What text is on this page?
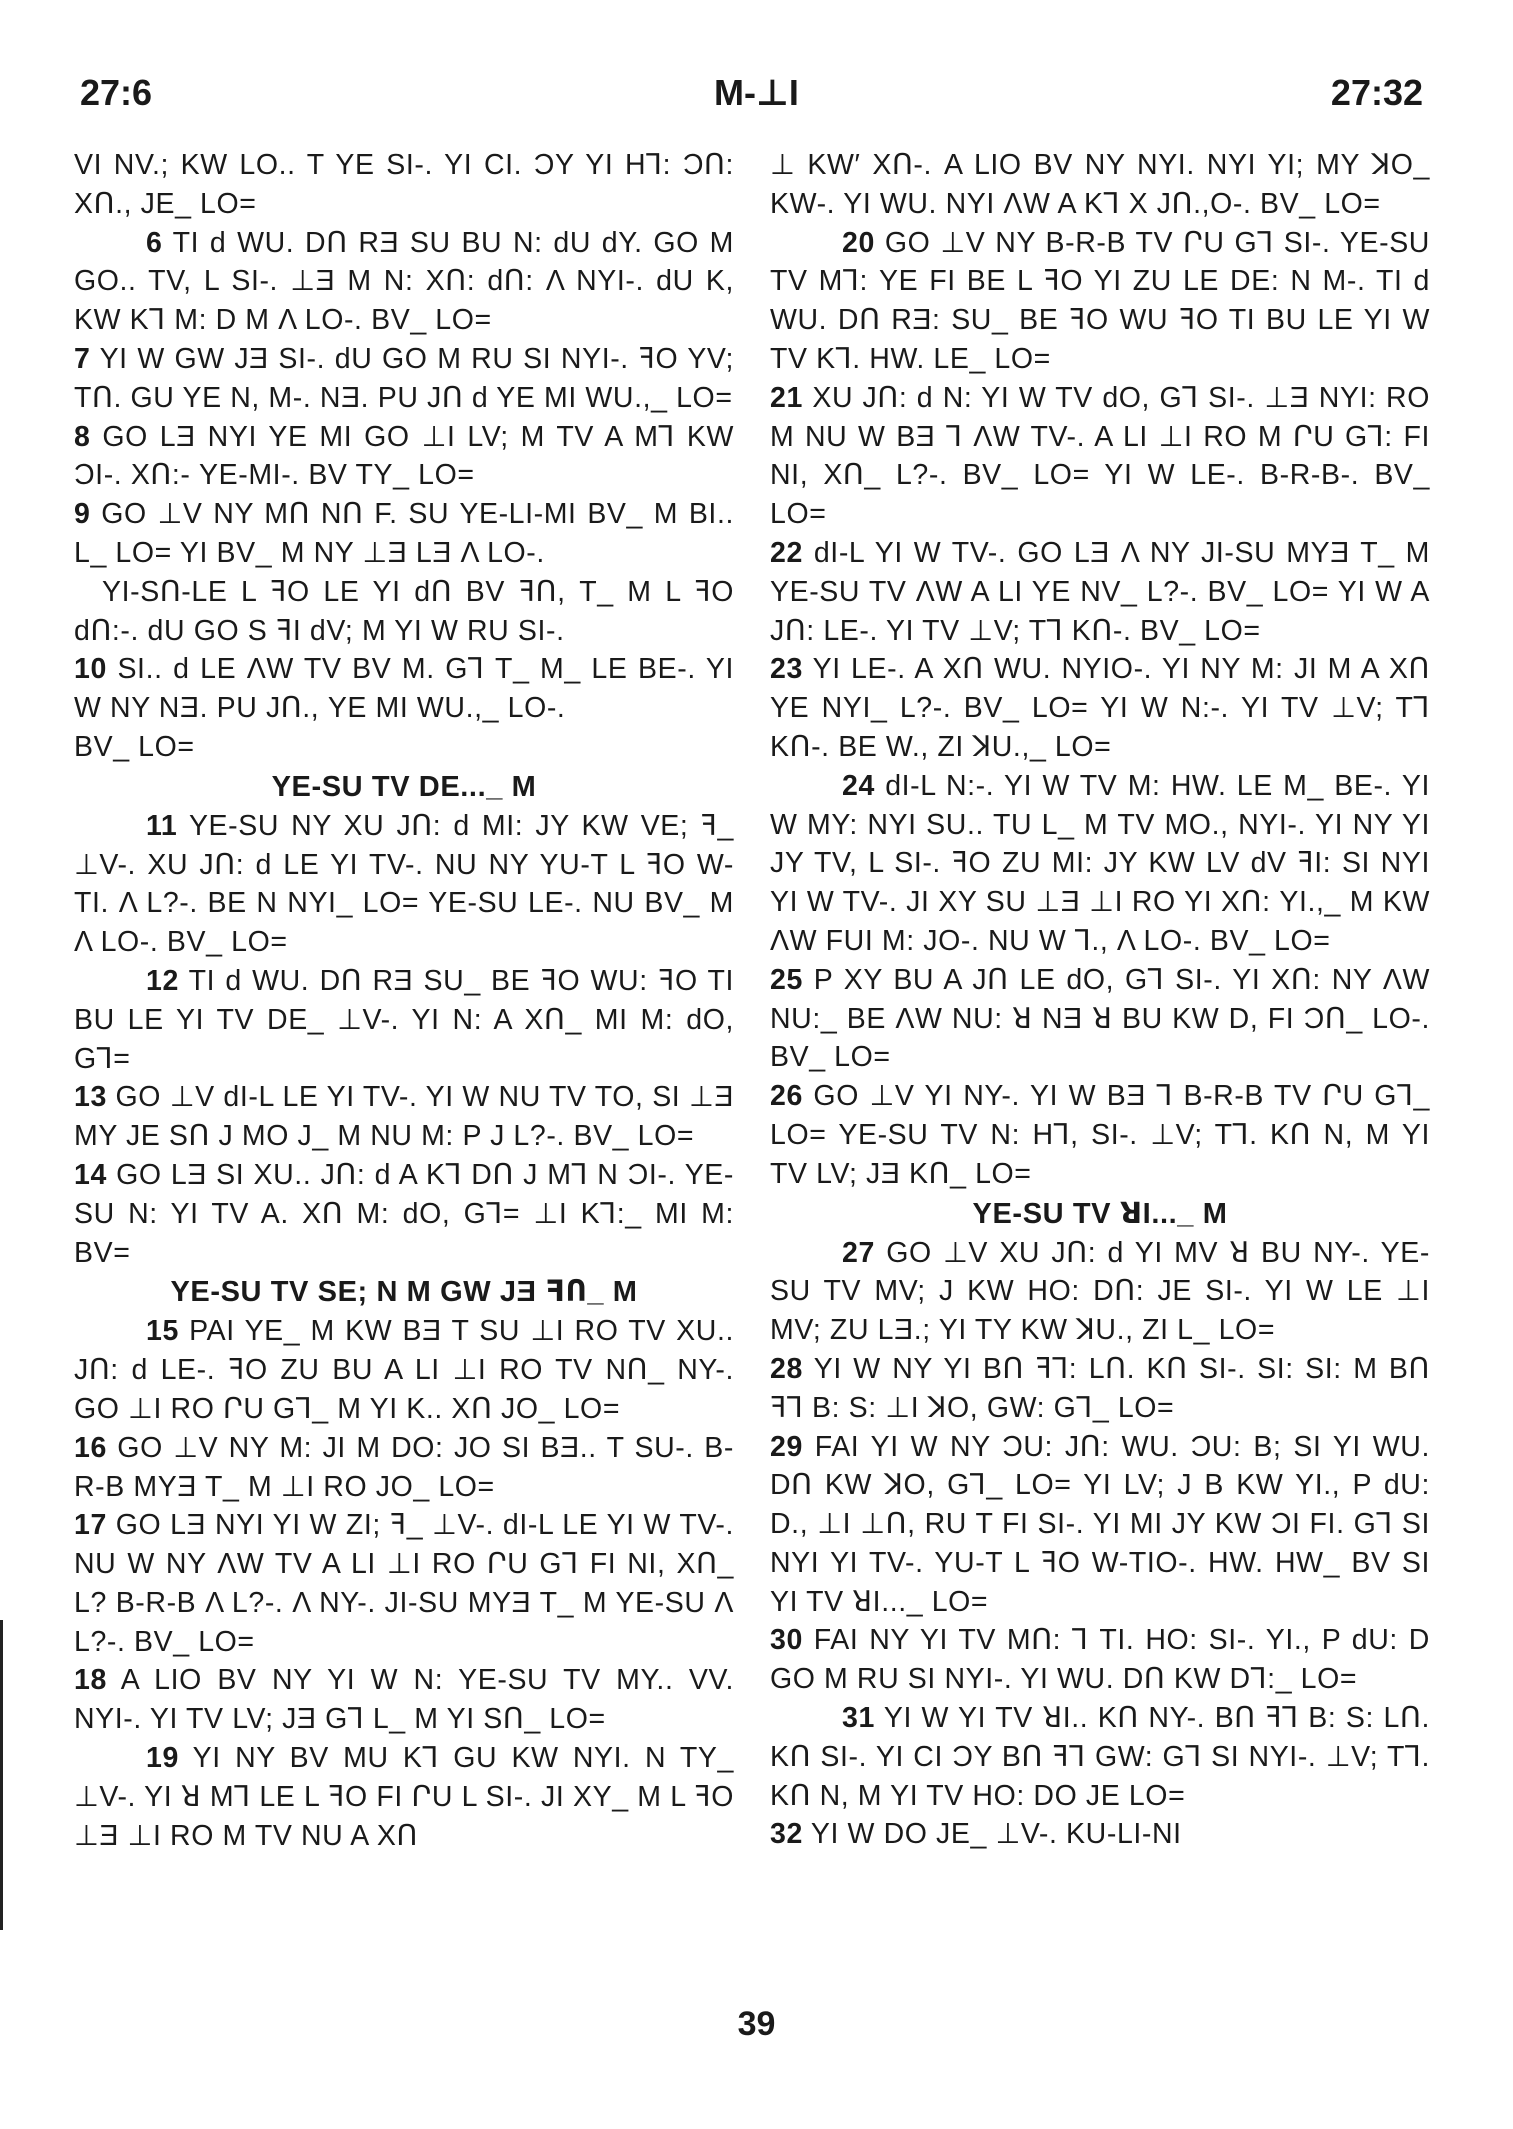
M-⊥I
27:6	27:32

VI NV.; KW LO.. T YE SI-. YI CI. ƆY YI Hꓶ: ƆՈ: XՈ., JE_ LO=

6 TI d WU. DՈ RƎ SU BU N: dU dY. GO M GO.. TV, L SI-. ⊥Ǝ M N: XՈ: dՈ: Λ NYI-. dU K, KW Kꓶ M: D M Λ LO-. BV_ LO=

7 YI W GW JƎ SI-. dU GO M RU SI NYI-. ꟻO YV; TՈ. GU YE N, M-. NƎ. PU JՈ d YE MI WU.,_ LO=

8 GO LƎ NYI YE MI GO ⊥I LV; M TV A Mꓶ KW ƆI-. XՈ:- YE-MI-. BV TY_ LO=

9 GO ⊥V NY MՈ NՈ F. SU YE-LI-MI BV_ M BI.. L_ LO= YI BV_ M NY ⊥Ǝ LƎ Λ LO-.

YI-SՈ-LE L ꟻO LE YI dՈ BV ꟻՈ, T_ M L ꟻO dՈ:-. dU GO S ꟻI dV; M YI W RU SI-.

10 SI.. d LE ΛW TV BV M. Gꓶ T_ M_ LE BE-. YI W NY NƎ. PU JՈ., YE MI WU.,_ LO-.

BV_ LO=

YE-SU TV DE..._ M

11 YE-SU NY XU JՈ: d MI: JY KW VE; ꟻ_ ⊥V-. XU JՈ: d LE YI TV-. NU NY YU-T L ꟻO W-TI. Λ L?-. BE N NYI_ LO= YE-SU LE-. NU BV_ M Λ LO-. BV_ LO=

12 TI d WU. DՈ RƎ SU_ BE ꟻO WU: ꟻO TI BU LE YI TV DE_ ⊥V-. YI N: A XՈ_ MI M: dO, Gꓶ=

13 GO ⊥V dI-L LE YI TV-. YI W NU TV TO, SI ⊥Ǝ MY JE SՈ J MO J_ M NU M: P J L?-. BV_ LO=

14 GO LƎ SI XU.. JՈ: d A Kꓶ DՈ J Mꓶ N ƆI-. YE-SU N: YI TV A. XՈ M: dO, Gꓶ= ⊥I Kꓶ:_ MI M: BV=

YE-SU TV SE; N M GW JƎ ꟻՈ_ M

15 PAI YE_ M KW BƎ T SU ⊥I RO TV XU.. JՈ: d LE-. ꟻO ZU BU A LI ⊥I RO TV NՈ_ NY-. GO ⊥I RO ՐU Gꓶ_ M YI K.. XՈ JO_ LO=

16 GO ⊥V NY M: JI M DO: JO SI BƎ.. T SU-. B-R-B MYƎ T_ M ⊥I RO JO_ LO=

17 GO LƎ NYI YI W ZI; ꟻ_ ⊥V-. dI-L LE YI W TV-. NU W NY ΛW TV A LI ⊥I RO ՐU Gꓶ FI NI, XՈ_ L? B-R-B Λ L?-. Λ NY-. JI-SU MYƎ T_ M YE-SU Λ L?-. BV_ LO=

18 A LIO BV NY YI W N: YE-SU TV MY.. VV. NYI-. YI TV LV; JƎ Gꓶ L_ M YI SՈ_ LO=

19 YI NY BV MU Kꓶ GU KW NYI. N TY_ ⊥V-. YI ꓤ Mꓶ LE L ꟻO FI ՐU L SI-. JI XY_ M L ꟻO ⊥Ǝ ⊥I RO M TV NU A XՈ

⊥ KW′ XՈ-. A LIO BV NY NYI. NYI YI; MY ꓘO_ KW-. YI WU. NYI ΛW A Kꓶ X JՈ.,O-. BV_ LO=

20 GO ⊥V NY B-R-B TV ՐU Gꓶ SI-. YE-SU TV Mꓶ: YE FI BE L ꟻO YI ZU LE DE: N M-. TI d WU. DՈ RƎ: SU_ BE ꟻO WU ꟻO TI BU LE YI W TV Kꓶ. HW. LE_ LO=

21 XU JՈ: d N: YI W TV dO, Gꓶ SI-. ⊥Ǝ NYI: RO M NU W BƎ ꓶ ΛW TV-. A LI ⊥I RO M ՐU Gꓶ: FI NI, XՈ_ L?-. BV_ LO= YI W LE-. B-R-B-. BV_ LO=

22 dI-L YI W TV-. GO LƎ Λ NY JI-SU MYƎ T_ M YE-SU TV ΛW A LI YE NV_ L?-. BV_ LO= YI W A JՈ: LE-. YI TV ⊥V; Tꓶ KՈ-. BV_ LO=

23 YI LE-. A XՈ WU. NYIO-. YI NY M: JI M A XՈ YE NYI_ L?-. BV_ LO= YI W N:-. YI TV ⊥V; Tꓶ KՈ-. BE W., ZI ꓘU.,_ LO=

24 dI-L N:-. YI W TV M: HW. LE M_ BE-. YI W MY: NYI SU.. TU L_ M TV MO., NYI-. YI NY YI JY TV, L SI-. ꟻO ZU MI: JY KW LV dV ꟻI: SI NYI YI W TV-. JI XY SU ⊥Ǝ ⊥I RO YI XՈ: YI.,_ M KW ΛW FUI M: JO-. NU W ꓶ., Λ LO-. BV_ LO=

25 P XY BU A JՈ LE dO, Gꓶ SI-. YI XՈ: NY ΛW NU:_ BE ΛW NU: ꓤ NƎ ꓤ BU KW D, FI ƆՈ_ LO-. BV_ LO=

26 GO ⊥V YI NY-. YI W BƎ ꓶ B-R-B TV ՐU Gꓶ_ LO= YE-SU TV N: Hꓶ, SI-. ⊥V; Tꓶ. KՈ N, M YI TV LV; JƎ KՈ_ LO=

YE-SU TV ꓤI..._ M

27 GO ⊥V XU JՈ: d YI MV ꓤ BU NY-. YE-SU TV MV; J KW HO: DՈ: JE SI-. YI W LE ⊥I MV; ZU LƎ.; YI TY KW ꓘU., ZI L_ LO=

28 YI W NY YI BՈ ꟻꓶ: LՈ. KՈ SI-. SI: SI: M BՈ ꟻꓶ B: S: ⊥I ꓘO, GW: Gꓶ_ LO=

29 FAI YI W NY ƆU: JՈ: WU. ƆU: B; SI YI WU. DՈ KW ꓘO, Gꓶ_ LO= YI LV; J B KW YI., P dU: D., ⊥I ⊥Ո, RU T FI SI-. YI MI JY KW ƆI FI. Gꓶ SI NYI YI TV-. YU-T L ꟻO W-TIO-. HW. HW_ BV SI YI TV ꓤI..._ LO=

30 FAI NY YI TV MՈ: ꓶ TI. HO: SI-. YI., P dU: D GO M RU SI NYI-. YI WU. DՈ KW Dꓶ:_ LO=

31 YI W YI TV ꓤI.. KՈ NY-. BՈ ꟻꓶ B: S: LՈ. KՈ SI-. YI CI ƆY BՈ ꟻꓶ GW: Gꓶ SI NYI-. ⊥V; Tꓶ. KՈ N, M YI TV HO: DO JE LO=

32 YI W DO JE_ ⊥V-. KU-LI-NI

39
